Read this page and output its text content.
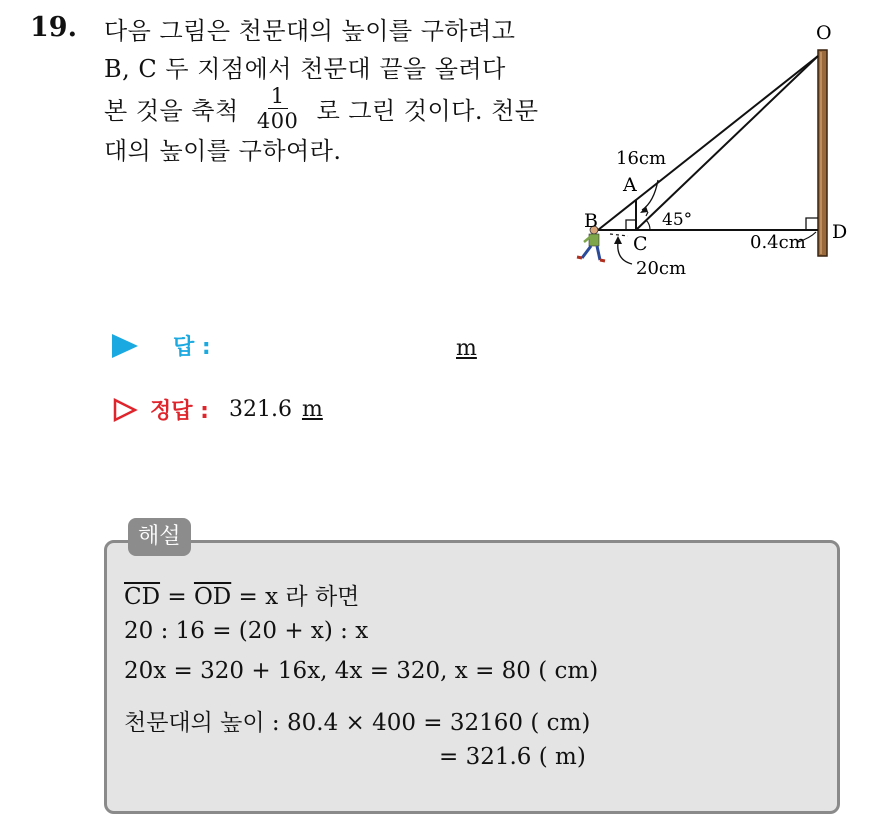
19. 다음 그림은 천문대의 높이를 구하려고
B, C 두 지점에서 천문대 끝을 올려다
본 것을 축척 $\frac{1}{400}$ 로 그린 것이다. 천문
대의 높이를 구하여라.
O
A
B
C
D
16cm
45°
0.4cm
20cm
답 :	m
정답 : 321.6 m
해설
$\overline{CD} = \overline{OD} = x$ 라 하면
20 : 16 = (20 + x) : x
20x = 320 + 16x, 4x = 320, x = 80 ( cm)
천문대의 높이 : 80.4 × 400 = 32160 ( cm)
= 321.6 ( m)
